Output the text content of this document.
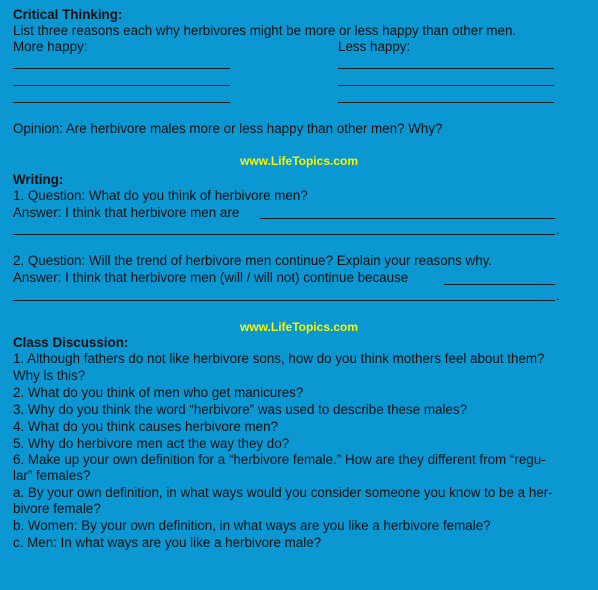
Critical Thinking:
List three reasons each why herbivores might be more or less happy than other men.
More happy:	Less happy:
Opinion: Are herbivore males more or less happy than other men? Why?
www.LifeTopics.com
Writing:
1. Question: What do you think of herbivore men?
Answer: I think that herbivore men are
.
2. Question: Will the trend of herbivore men continue? Explain your reasons why.
Answer: I think that herbivore men (will / will not) continue because
.
www.LifeTopics.com
Class Discussion:
1. Although fathers do not like herbivore sons, how do you think mothers feel about them?
Why is this?
2. What do you think of men who get manicures?
3. Why do you think the word “herbivore” was used to describe these males?
4. What do you think causes herbivore men?
5. Why do herbivore men act the way they do?
6. Make up your own definition for a “herbivore female.” How are they different from “regu-
lar” females?
a. By your own definition, in what ways would you consider someone you know to be a her-
bivore female?
b. Women: By your own definition, in what ways are you like a herbivore female?
c. Men: In what ways are you like a herbivore male?
